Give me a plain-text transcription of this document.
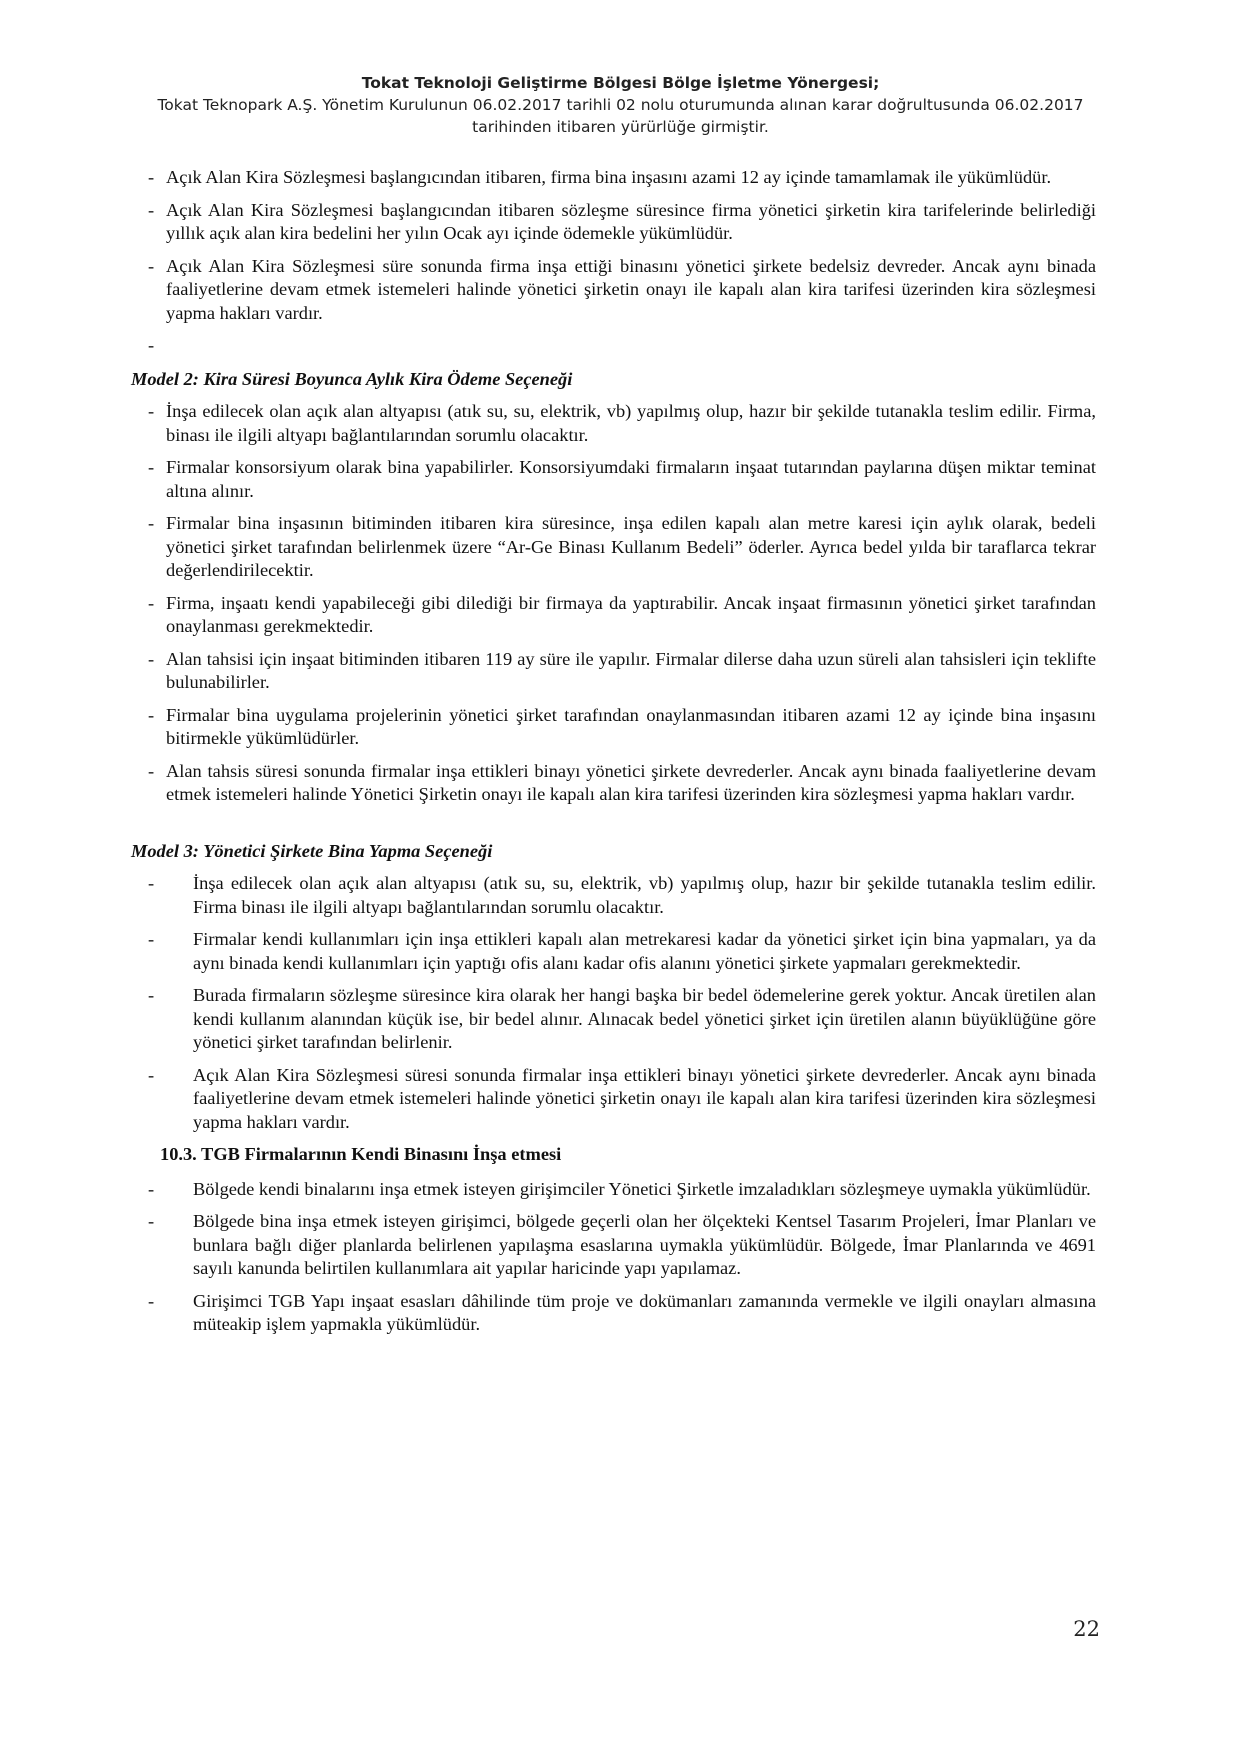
Tokat Teknoloji Geliştirme Bölgesi Bölge İşletme Yönergesi;
Tokat Teknopark A.Ş. Yönetim Kurulunun 06.02.2017 tarihli 02 nolu oturumunda alınan karar doğrultusunda 06.02.2017
tarihinden itibaren yürürlüğe girmiştir.
- Açık Alan Kira Sözleşmesi başlangıcından itibaren, firma bina inşasını azami 12 ay içinde tamamlamak ile yükümlüdür.
- Açık Alan Kira Sözleşmesi başlangıcından itibaren sözleşme süresince firma yönetici şirketin kira tarifelerinde belirlediği yıllık açık alan kira bedelini her yılın Ocak ayı içinde ödemekle yükümlüdür.
- Açık Alan Kira Sözleşmesi süre sonunda firma inşa ettiği binasını yönetici şirkete bedelsiz devreder. Ancak aynı binada faaliyetlerine devam etmek istemeleri halinde yönetici şirketin onayı ile kapalı alan kira tarifesi üzerinden kira sözleşmesi yapma hakları vardır.
-
Model 2: Kira Süresi Boyunca Aylık Kira Ödeme Seçeneği
- İnşa edilecek olan açık alan altyapısı (atık su, su, elektrik, vb) yapılmış olup, hazır bir şekilde tutanakla teslim edilir. Firma, binası ile ilgili altyapı bağlantılarından sorumlu olacaktır.
- Firmalar konsorsiyum olarak bina yapabilirler. Konsorsiyumdaki firmaların inşaat tutarından paylarına düşen miktar teminat altına alınır.
- Firmalar bina inşasının bitiminden itibaren kira süresince, inşa edilen kapalı alan metre karesi için aylık olarak, bedeli yönetici şirket tarafından belirlenmek üzere “Ar-Ge Binası Kullanım Bedeli” öderler. Ayrıca bedel yılda bir taraflarca tekrar değerlendirilecektir.
- Firma, inşaatı kendi yapabileceği gibi dilediği bir firmaya da yaptırabilir. Ancak inşaat firmasının yönetici şirket tarafından onaylanması gerekmektedir.
- Alan tahsisi için inşaat bitiminden itibaren 119 ay süre ile yapılır. Firmalar dilerse daha uzun süreli alan tahsisleri için teklifte bulunabilirler.
- Firmalar bina uygulama projelerinin yönetici şirket tarafından onaylanmasından itibaren azami 12 ay içinde bina inşasını bitirmekle yükümlüdürler.
- Alan tahsis süresi sonunda firmalar inşa ettikleri binayı yönetici şirkete devrederler. Ancak aynı binada faaliyetlerine devam etmek istemeleri halinde Yönetici Şirketin onayı ile kapalı alan kira tarifesi üzerinden kira sözleşmesi yapma hakları vardır.
Model 3: Yönetici Şirkete Bina Yapma Seçeneği
- İnşa edilecek olan açık alan altyapısı (atık su, su, elektrik, vb) yapılmış olup, hazır bir şekilde tutanakla teslim edilir. Firma binası ile ilgili altyapı bağlantılarından sorumlu olacaktır.
- Firmalar kendi kullanımları için inşa ettikleri kapalı alan metrekaresi kadar da yönetici şirket için bina yapmaları, ya da aynı binada kendi kullanımları için yaptığı ofis alanı kadar ofis alanını yönetici şirkete yapmaları gerekmektedir.
- Burada firmaların sözleşme süresince kira olarak her hangi başka bir bedel ödemelerine gerek yoktur. Ancak üretilen alan kendi kullanım alanından küçük ise, bir bedel alınır. Alınacak bedel yönetici şirket için üretilen alanın büyüklüğüne göre yönetici şirket tarafından belirlenir.
- Açık Alan Kira Sözleşmesi süresi sonunda firmalar inşa ettikleri binayı yönetici şirkete devrederler. Ancak aynı binada faaliyetlerine devam etmek istemeleri halinde yönetici şirketin onayı ile kapalı alan kira tarifesi üzerinden kira sözleşmesi yapma hakları vardır.
10.3. TGB Firmalarının Kendi Binasını İnşa etmesi
- Bölgede kendi binalarını inşa etmek isteyen girişimciler Yönetici Şirketle imzaladıkları sözleşmeye uymakla yükümlüdür.
- Bölgede bina inşa etmek isteyen girişimci, bölgede geçerli olan her ölçekteki Kentsel Tasarım Projeleri, İmar Planları ve bunlara bağlı diğer planlarda belirlenen yapılaşma esaslarına uymakla yükümlüdür. Bölgede, İmar Planlarında ve 4691 sayılı kanunda belirtilen kullanımlara ait yapılar haricinde yapı yapılamaz.
- Girişimci TGB Yapı inşaat esasları dâhilinde tüm proje ve dokümanları zamanında vermekle ve ilgili onayları almasına müteakip işlem yapmakla yükümlüdür.
22
